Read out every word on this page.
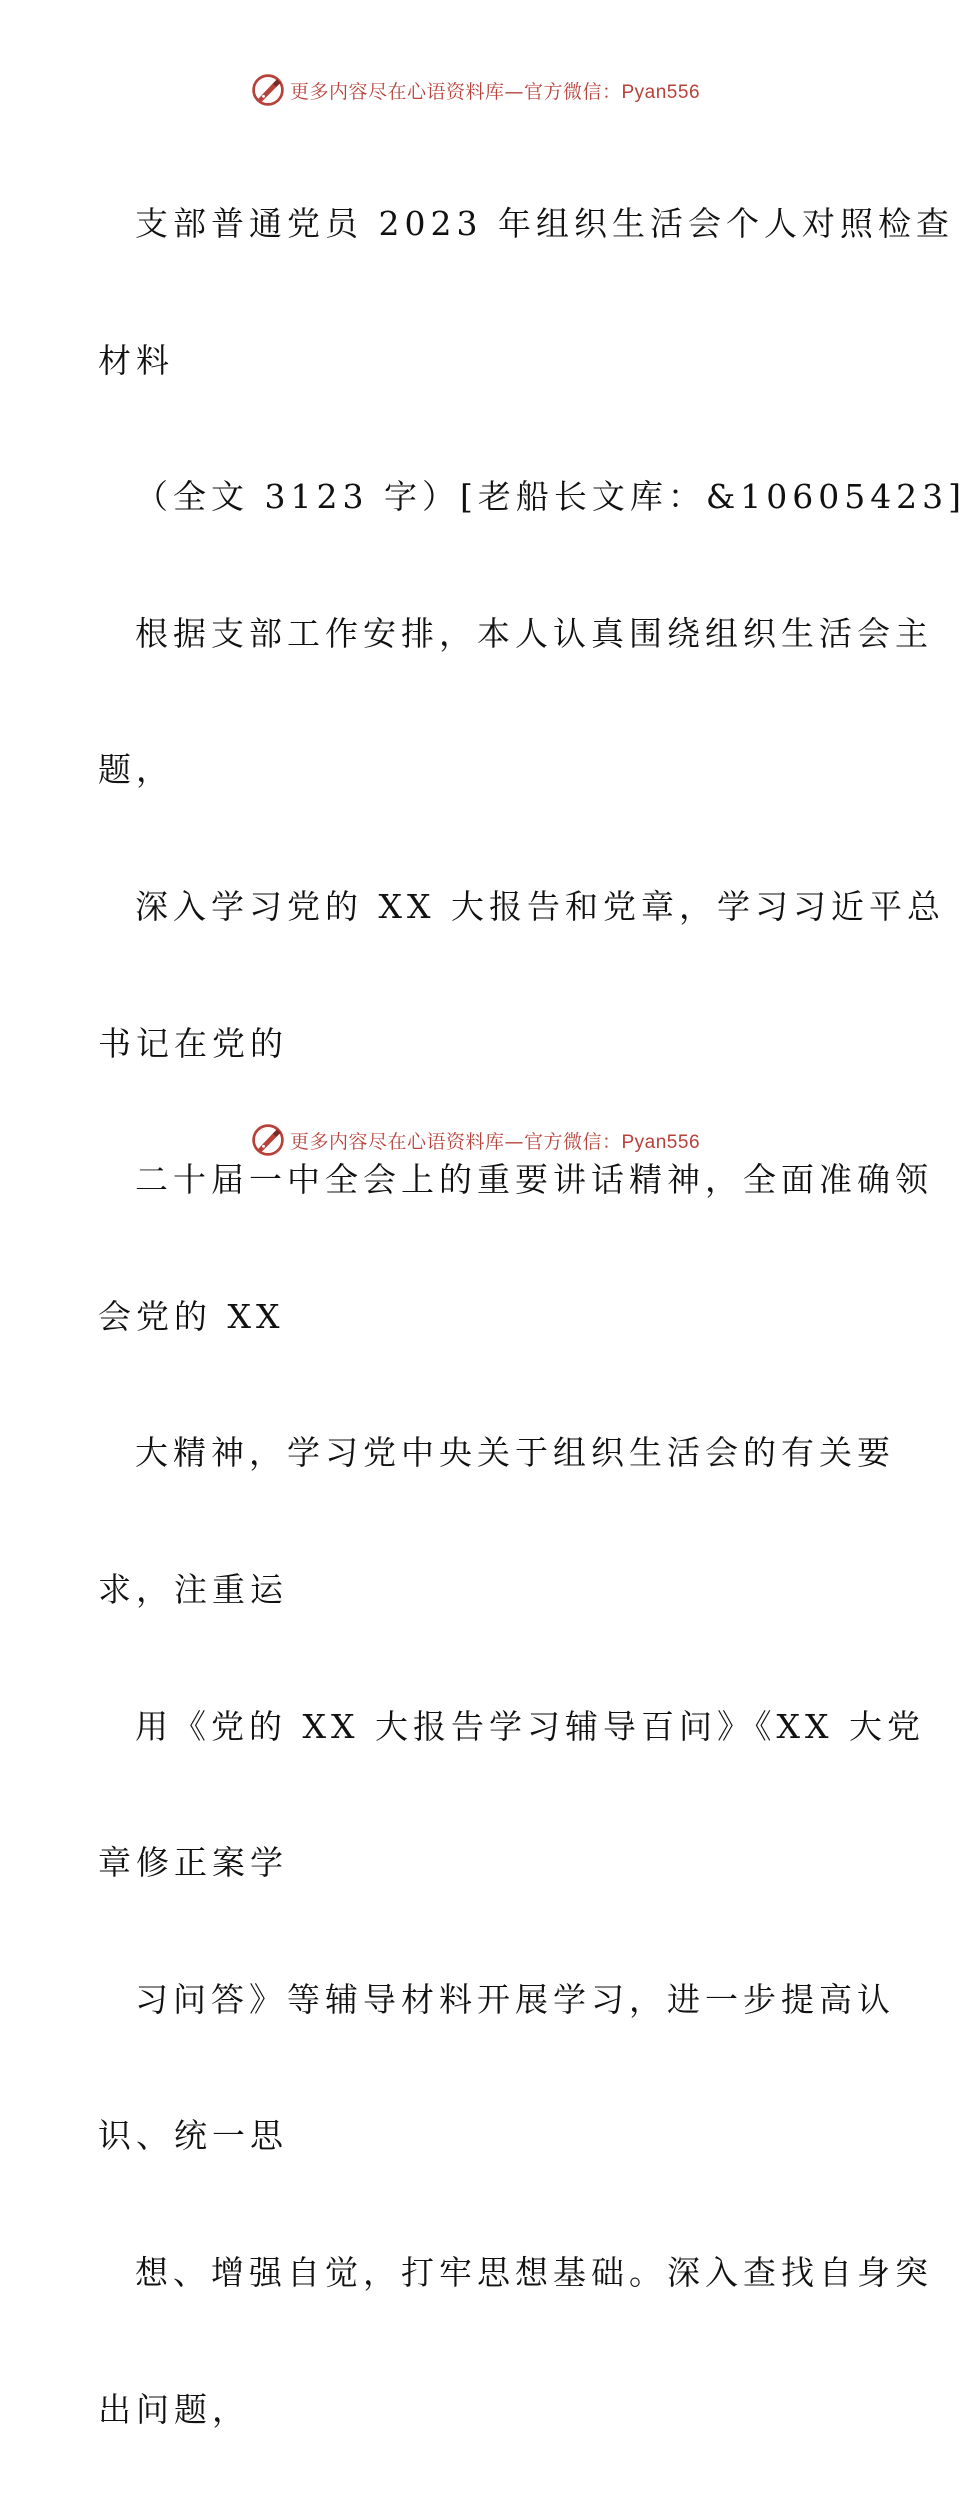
更多内容尽在心语资料库—官方微信：Pyan556

支部普通党员 2023 年组织生活会个人对照检查

材料

（全文 3123 字）[老船长文库：&10605423]

根据支部工作安排，本人认真围绕组织生活会主

题，

深入学习党的 XX 大报告和党章，学习习近平总

书记在党的

二十届一中全会上的重要讲话精神，全面准确领

会党的 XX

大精神，学习党中央关于组织生活会的有关要

求，注重运

用《党的 XX 大报告学习辅导百问》《XX 大党

章修正案学

习问答》等辅导材料开展学习，进一步提高认

识、统一思

想、增强自觉，打牢思想基础。深入查找自身突

出问题，

更多内容尽在心语资料库—官方微信：Pyan556
